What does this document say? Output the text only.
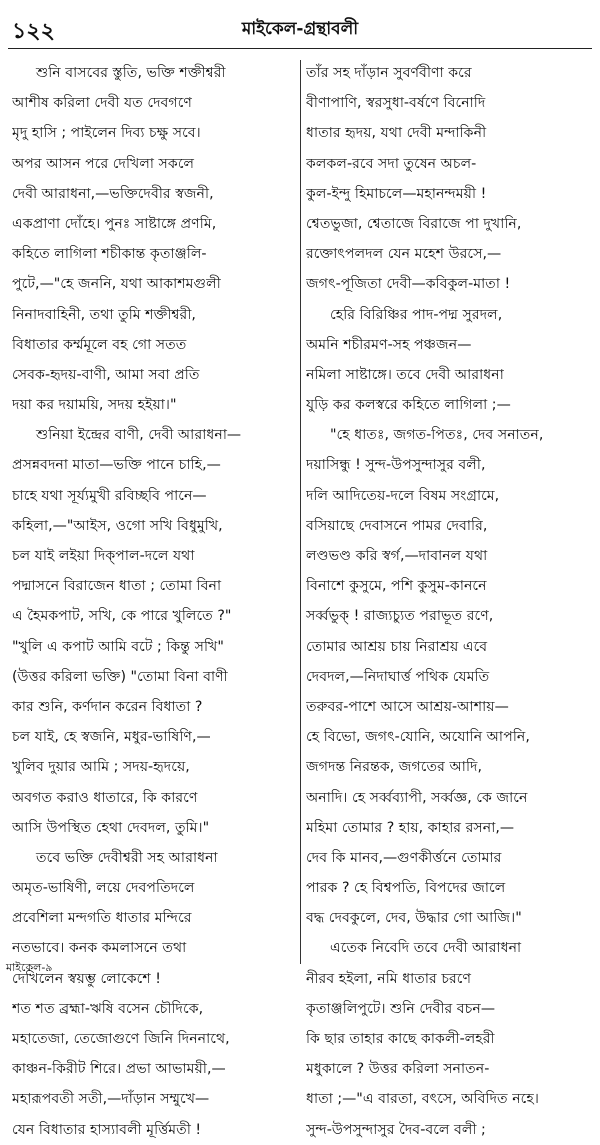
১২২	মাইকেল-গ্রন্থাবলী
শুনি বাসবের স্তুতি, ভক্তি শক্তীশ্বরী
আশীষ করিলা দেবী যত দেবগণে
মৃদু হাসি ; পাইলেন দিব্য চক্ষু সবে।
অপর আসন পরে দেখিলা সকলে
দেবী আরাধনা,—ভক্তিদেবীর স্বজনী,
একপ্রাণা দোঁহে। পুনঃ সাষ্টাঙ্গে প্রণমি,
কহিতে লাগিলা শচীকান্ত কৃতাঞ্জলি-
পুটে,—"হে জননি, যথা আকাশমগুলী
নিনাদবাহিনী, তথা তুমি শক্তীশ্বরী,
বিধাতার কর্ম্মমূলে বহ গো সতত
সেবক-হৃদয়-বাণী, আমা সবা প্রতি
দয়া কর দয়াময়ি, সদয় হইয়া।"
শুনিয়া ইন্দ্রের বাণী, দেবী আরাধনা—
প্রসন্নবদনা মাতা—ভক্তি পানে চাহি,—
চাহে যথা সূর্য্যমুখী রবিচ্ছবি পানে—
কহিলা,—"আইস, ওগো সখি বিধুমুখি,
চল যাই লইয়া দিক্পাল-দলে যথা
পদ্মাসনে বিরাজেন ধাতা ; তোমা বিনা
এ হৈমকপাট, সখি, কে পারে খুলিতে ?"
"খুলি এ কপাট আমি বটে ; কিন্তু সখি"
(উত্তর করিলা ভক্তি) "তোমা বিনা বাণী
কার শুনি, কর্ণদান করেন বিধাতা ?
চল যাই, হে স্বজনি, মধুর-ভাষিণি,—
খুলিব দুয়ার আমি ; সদয়-হৃদয়ে,
অবগত করাও ধাতারে, কি কারণে
আসি উপস্থিত হেথা দেবদল, তুমি।"
তবে ভক্তি দেবীশ্বরী সহ আরাধনা
অমৃত-ভাষিণী, লয়ে দেবপতিদলে
প্রবেশিলা মন্দগতি ধাতার মন্দিরে
নতভাবে। কনক কমলাসনে তথা
দেখিলেন স্বয়ম্ভু লোকেশে !
শত শত ব্রহ্মা-ঋষি বসেন চৌদিকে,
মহাতেজা, তেজোগুণে জিনি দিননাথে,
কাঞ্চন-কিরীট শিরে। প্রভা আভাময়ী,—
মহারূপবতী সতী,—দাঁড়ান সম্মুখে—
যেন বিধাতার হাস্যাবলী মূর্ত্তিমতী !
তাঁর সহ দাঁড়ান সুবর্ণবীণা করে
বীণাপাণি, স্বরসুধা-বর্ষণে বিনোদি
ধাতার হৃদয়, যথা দেবী মন্দাকিনী
কলকল-রবে সদা তুষেন অচল-
কুল-ইন্দু হিমাচলে—মহানন্দময়ী !
শ্বেতভুজা, শ্বেতাজে বিরাজে পা দুখানি,
রক্তোৎপলদল যেন মহেশ উরসে,—
জগৎ-পূজিতা দেবী—কবিকুল-মাতা !
হেরি বিরিঞ্চির পাদ-পদ্ম সুরদল,
অমনি শচীরমণ-সহ পঞ্চজন—
নমিলা সাষ্টাঙ্গে। তবে দেবী আরাধনা
যুড়ি কর কলস্বরে কহিতে লাগিলা ;—
"হে ধাতঃ, জগত-পিতঃ, দেব সনাতন,
দয়াসিন্ধু ! সুন্দ-উপসুন্দাসুর বলী,
দলি আদিতেয়-দলে বিষম সংগ্রামে,
বসিয়াছে দেবাসনে পামর দেবারি,
লণ্ডভণ্ড করি স্বর্গ,—দাবানল যথা
বিনাশে কুসুমে, পশি কুসুম-কাননে
সর্ব্বভুক্ ! রাজ্যচ্যুত পরাভূত রণে,
তোমার আশ্রয় চায় নিরাশ্রয় এবে
দেবদল,—নিদাঘার্ত্ত পথিক যেমতি
তরুবর-পাশে আসে আশ্রয়-আশায়—
হে বিভো, জগৎ-যোনি, অযোনি আপনি,
জগদন্ত নিরন্তক, জগতের আদি,
অনাদি। হে সর্ব্বব্যাপী, সর্ব্বজ্ঞ, কে জানে
মহিমা তোমার ? হায়, কাহার রসনা,—
দেব কি মানব,—গুণকীর্ত্তনে তোমার
পারক ? হে বিশ্বপতি, বিপদের জালে
বদ্ধ দেবকুলে, দেব, উদ্ধার গো আজি।"
এতেক নিবেদি তবে দেবী আরাধনা
নীরব হইলা, নমি ধাতার চরণে
কৃতাঞ্জলিপুটে। শুনি দেবীর বচন—
কি ছার তাহার কাছে কাকলী-লহরী
মধুকালে ? উত্তর করিলা সনাতন-
ধাতা ;—"এ বারতা, বৎসে, অবিদিত নহে।
সুন্দ-উপসুন্দাসুর দৈব-বলে বলী ;
মাইকেল-৯
